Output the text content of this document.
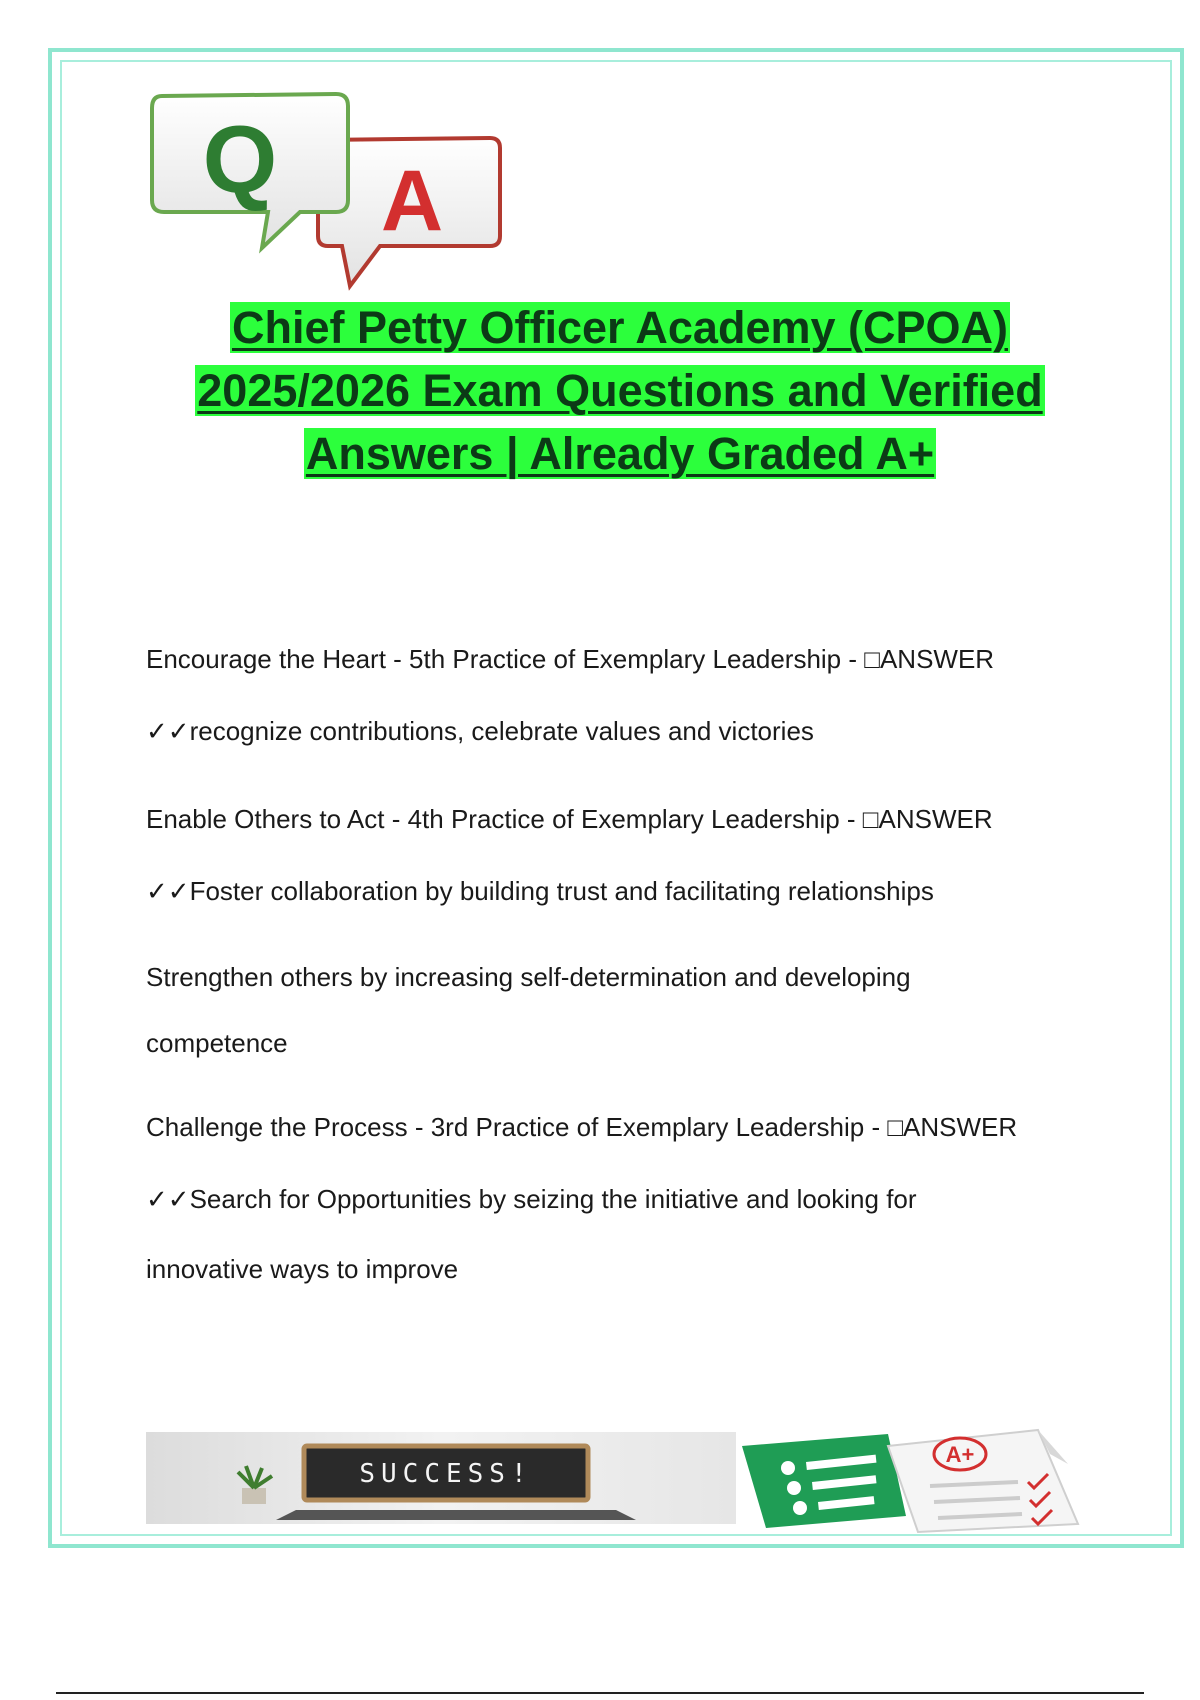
Q A
Chief Petty Officer Academy (CPOA)
2025/2026 Exam Questions and Verified
Answers | Already Graded A+
Encourage the Heart - 5th Practice of Exemplary Leadership - □ANSWER
✓✓recognize contributions, celebrate values and victories
Enable Others to Act - 4th Practice of Exemplary Leadership - □ANSWER
✓✓Foster collaboration by building trust and facilitating relationships
Strengthen others by increasing self-determination and developing
competence
Challenge the Process - 3rd Practice of Exemplary Leadership - □ANSWER
✓✓Search for Opportunities by seizing the initiative and looking for
innovative ways to improve
SUCCESS!
A+
